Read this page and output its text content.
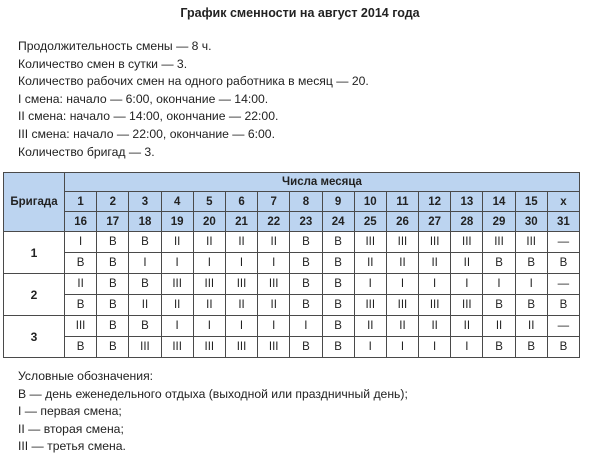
График сменности на август 2014 года
Продолжительность смены — 8 ч.
Количество смен в сутки — 3.
Количество рабочих смен на одного работника в месяц — 20.
I смена: начало — 6:00, окончание — 14:00.
II смена: начало — 14:00, окончание — 22:00.
III смена: начало — 22:00, окончание — 6:00.
Количество бригад — 3.
Бригада	Числа месяца															
	1	2	3	4	5	6	7	8	9	10	11	12	13	14	15	х
	16	17	18	19	20	21	22	23	24	25	26	27	28	29	30	31
1	I	В	В	II	II	II	II	В	В	III	III	III	III	III	III	—
	В	В	I	I	I	I	I	В	В	II	II	II	II	В	В	В
2	II	В	В	III	III	III	III	В	В	I	I	I	I	I	I	—
	В	В	II	II	II	II	II	В	В	III	III	III	III	В	В	В
3	III	В	В	I	I	I	I	I	В	II	II	II	II	II	II	—
	В	В	III	III	III	III	III	В	В	I	I	I	I	В	В	В
Условные обозначения:
В — день еженедельного отдыха (выходной или праздничный день);
I — первая смена;
II — вторая смена;
III — третья смена.
